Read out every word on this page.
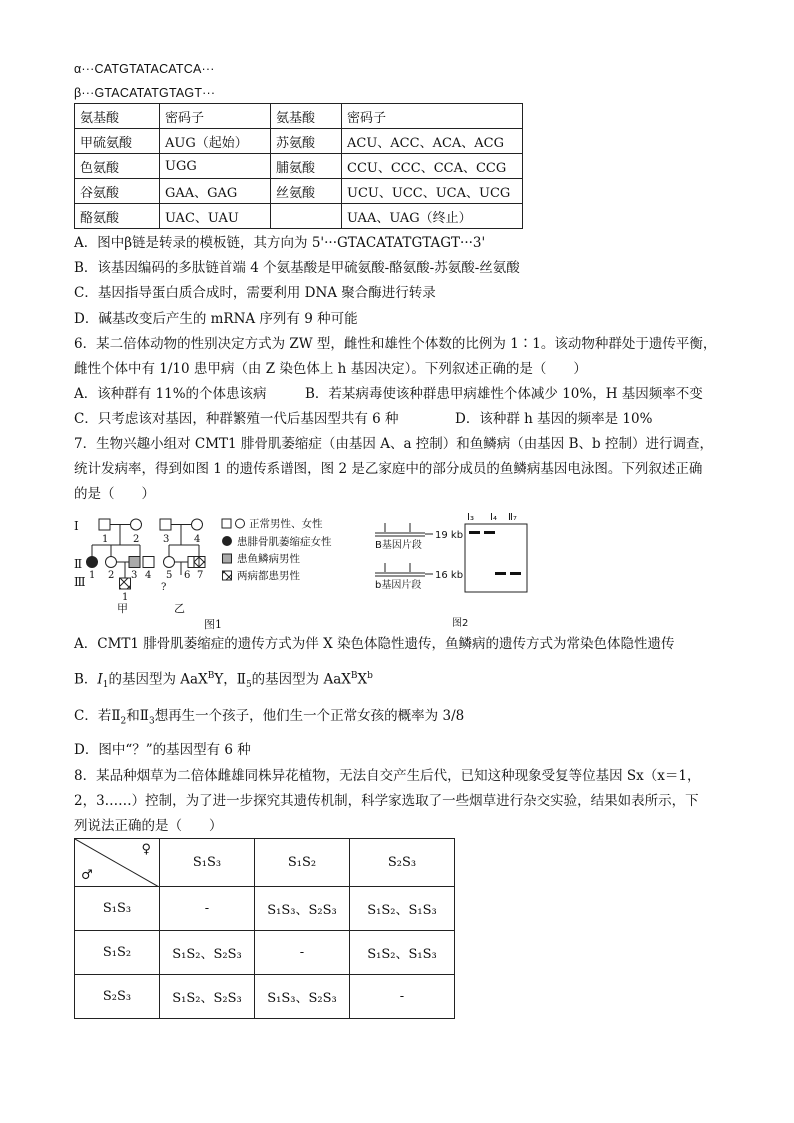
α···CATGTATACATCA···
β···GTACATATGTAGT···
氨基酸	密码子	氨基酸	密码子
甲硫氨酸	AUG（起始）	苏氨酸	ACU、ACC、ACA、ACG
色氨酸	UGG	脯氨酸	CCU、CCC、CCA、CCG
谷氨酸	GAA、GAG	丝氨酸	UCU、UCC、UCA、UCG
酪氨酸	UAC、UAU		UAA、UAG（终止）
A．图中β链是转录的模板链，其方向为 5'···GTACATATGTAGT···3'
B．该基因编码的多肽链首端 4 个氨基酸是甲硫氨酸-酪氨酸-苏氨酸-丝氨酸
C．基因指导蛋白质合成时，需要利用 DNA 聚合酶进行转录
D．碱基改变后产生的 mRNA 序列有 9 种可能
6．某二倍体动物的性别决定方式为 ZW 型，雌性和雄性个体数的比例为 1∶1。该动物种群处于遗传平衡，
雌性个体中有 1/10 患甲病（由 Z 染色体上 h 基因决定）。下列叙述正确的是（　　）
A．该种群有 11%的个体患该病	B．若某病毒使该种群患甲病雄性个体减少 10%，H 基因频率不变
C．只考虑该对基因，种群繁殖一代后基因型共有 6 种	D．该种群 h 基因的频率是 10%
7．生物兴趣小组对 CMT1 腓骨肌萎缩症（由基因 A、a 控制）和鱼鳞病（由基因 B、b 控制）进行调查，
统计发病率，得到如图 1 的遗传系谱图，图 2 是乙家庭中的部分成员的鱼鳞病基因电泳图。下列叙述正确
的是（　　）
Ⅰ
Ⅱ
Ⅲ
1 2 3 4
1 2 3 4 5 6 7
1
?
甲	乙
图1
正常男性、女性
患腓骨肌萎缩症女性
患鱼鳞病男性
两病都患男性
I₃ I₄ Ⅱ₇
19 kb
16 kb
B基因片段
b基因片段
图2
A．CMT1 腓骨肌萎缩症的遗传方式为伴 X 染色体隐性遗传，鱼鳞病的遗传方式为常染色体隐性遗传
B．$I_1$的基因型为 AaX$^B$Y，$Ⅱ_5$的基因型为 $AaX^BX^b$
C．若$Ⅱ_2$和$Ⅱ_3$想再生一个孩子，他们生一个正常女孩的概率为 3/8
D．图中“？”的基因型有 6 种
8．某品种烟草为二倍体雌雄同株异花植物，无法自交产生后代，已知这种现象受复等位基因 Sx（x＝1，
2，3……）控制，为了进一步探究其遗传机制，科学家选取了一些烟草进行杂交实验，结果如表所示，下
列说法正确的是（　　）
♀
♂	S₁S₃	S₁S₂	S₂S₃
S₁S₃	-	S₁S₃、S₂S₃	S₁S₂、S₁S₃
S₁S₂	S₁S₂、S₂S₃	-	S₁S₂、S₁S₃
S₂S₃	S₁S₂、S₂S₃	S₁S₃、S₂S₃	-
